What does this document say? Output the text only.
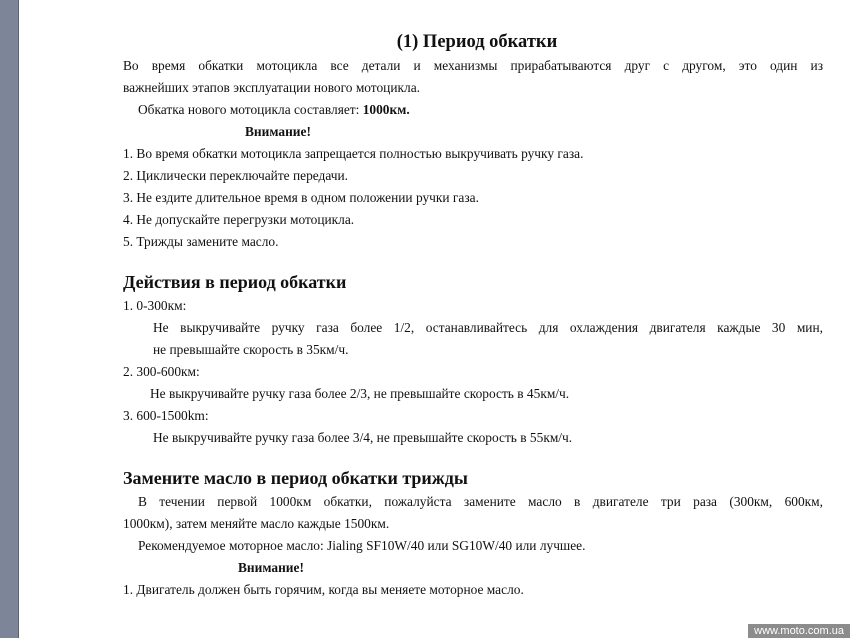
(1) Период обкатки

Во время обкатки мотоцикла все детали и механизмы прирабатываются друг с другом, это один из

важнейших этапов эксплуатации нового мотоцикла.

Обкатка нового мотоцикла составляет: 1000км.

Внимание!

1. Во время обкатки мотоцикла запрещается полностью выкручивать ручку газа.

2. Циклически переключайте передачи.

3. Не ездите длительное время в одном положении ручки газа.

4. Не допускайте перегрузки мотоцикла.

5. Трижды замените масло.

Действия в период обкатки

1. 0-300км:

Не выкручивайте ручку газа более 1/2, останавливайтесь для охлаждения двигателя каждые 30 мин,

не превышайте скорость в 35км/ч.

2. 300-600км:

Не выкручивайте ручку газа более 2/3, не превышайте скорость в 45км/ч.

3. 600-1500km:

Не выкручивайте ручку газа более 3/4, не превышайте скорость в 55км/ч.

Замените масло в период обкатки трижды

В течении первой 1000км обкатки, пожалуйста замените масло в двигателе три раза (300км, 600км,

1000км), затем меняйте масло каждые 1500км.

Рекомендуемое моторное масло: Jialing SF10W/40 или SG10W/40 или лучшее.

Внимание!

1. Двигатель должен быть горячим, когда вы меняете моторное масло.

www.moto.com.ua
